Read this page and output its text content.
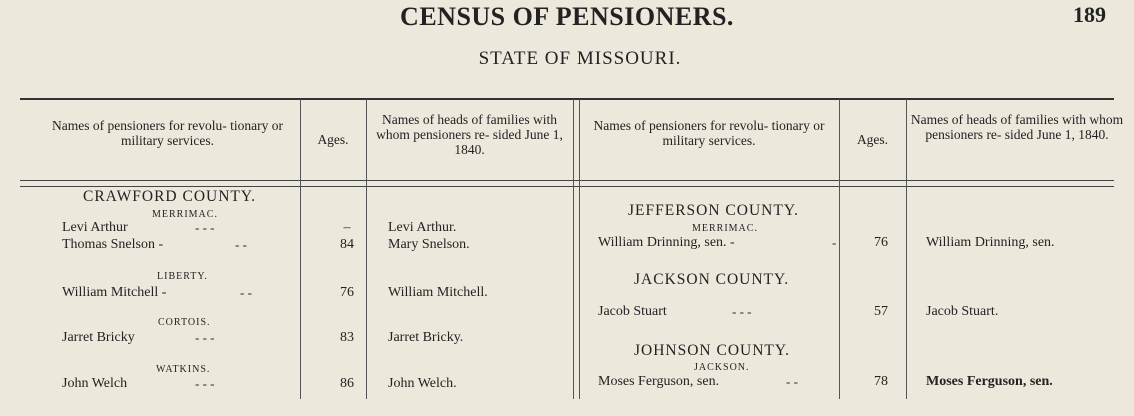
CENSUS OF PENSIONERS.	189
STATE OF MISSOURI.
Names of pensioners for revolu- tionary or military services.	Ages.
Names of heads of families with whom pensioners re- sided June 1, 1840.
Names of pensioners for revolu- tionary or military services.	Ages.
Names of heads of families with whom pensioners re- sided June 1, 1840.
CRAWFORD COUNTY.
MERRIMAC.
Levi Arthur	–	Levi Arthur.
Thomas Snelson -	- -	84	Mary Snelson.
LIBERTY.
William Mitchell -	- -	76	William Mitchell.
CORTOIS.
Jarret Bricky	- - -	83	Jarret Bricky.
WATKINS.
John Welch	- - -	86	John Welch.
JEFFERSON COUNTY.
MERRIMAC.
William Drinning, sen. -	-	76	William Drinning, sen.
JACKSON COUNTY.
Jacob Stuart	- - -	57	Jacob Stuart.
JOHNSON COUNTY.
JACKSON.
Moses Ferguson, sen.	- -	78	Moses Ferguson, sen.
- - -
